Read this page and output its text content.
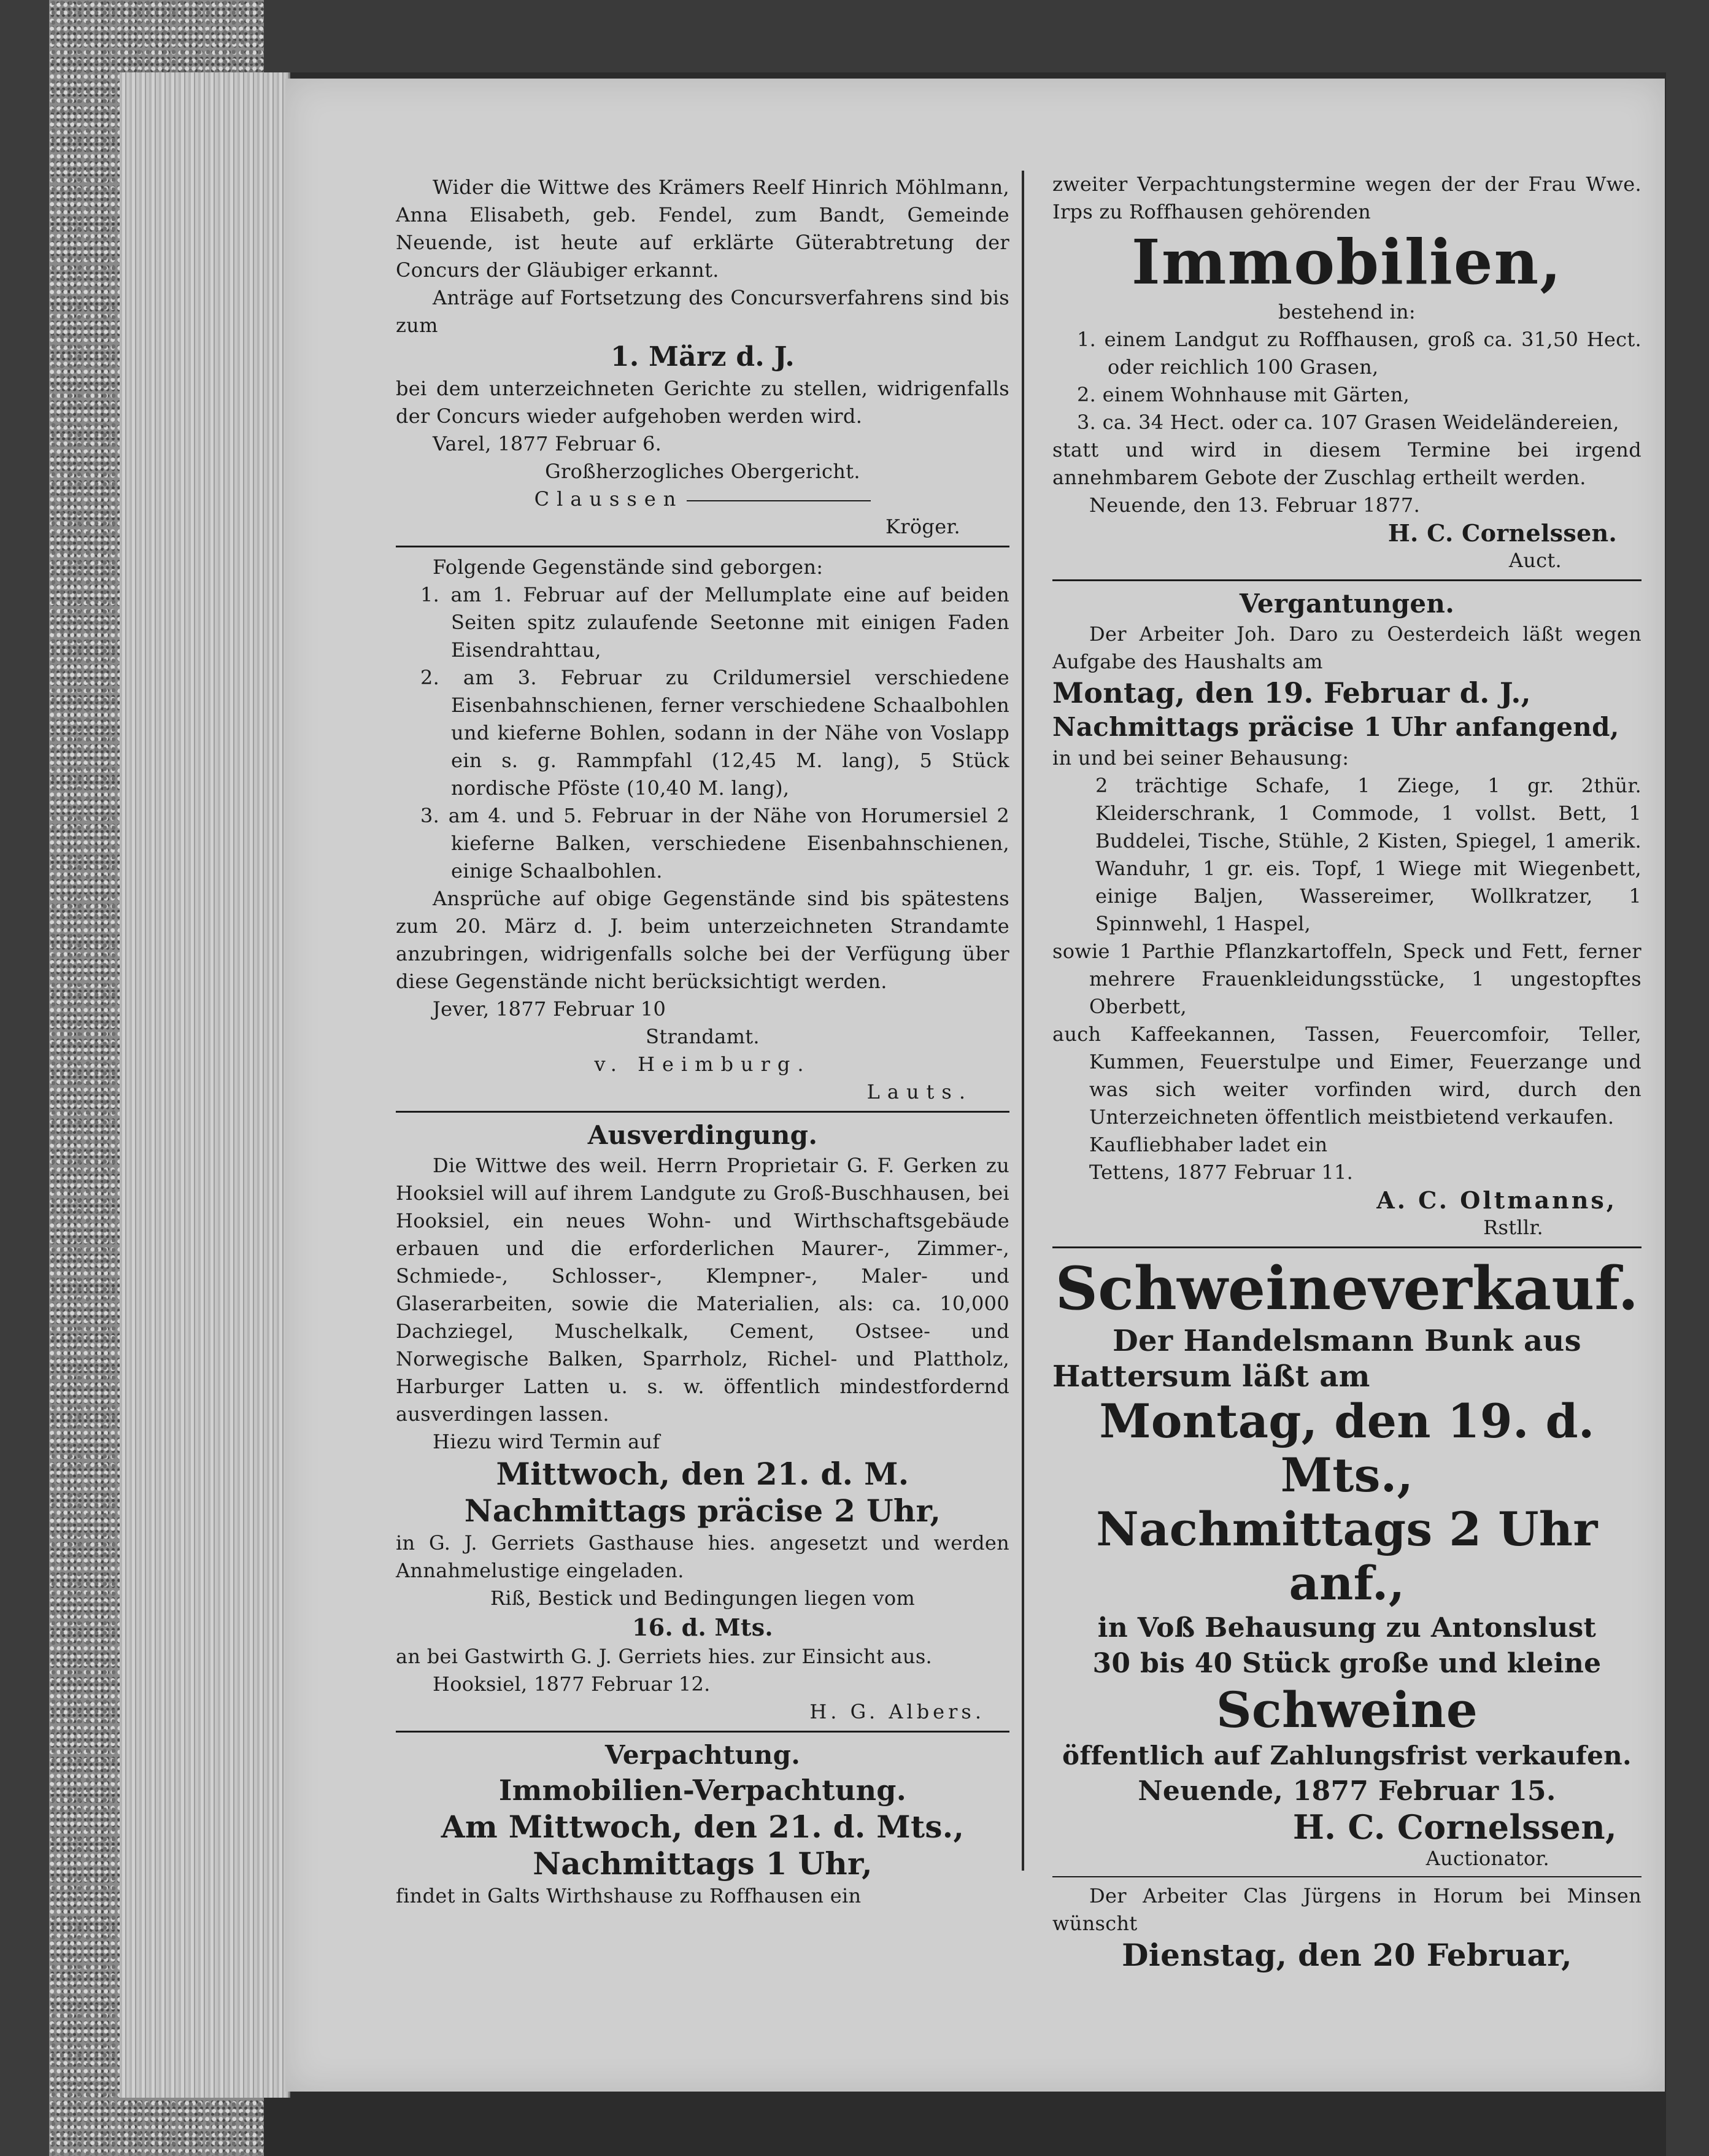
Wider die Wittwe des Krämers Reelf Hinrich Möhlmann, Anna Elisabeth, geb. Fendel, zum Bandt, Gemeinde Neuende, ist heute auf erklärte Güterabtretung der Concurs der Gläubiger erkannt.

Anträge auf Fortsetzung des Concursverfahrens sind bis zum

1. März d. J.

bei dem unterzeichneten Gerichte zu stellen, widrigenfalls der Concurs wieder aufgehoben werden wird.

Varel, 1877 Februar 6.

Großherzogliches Obergericht.

Claussen

Kröger.

Folgende Gegenstände sind geborgen:

1. am 1. Februar auf der Mellumplate eine auf beiden Seiten spitz zulaufende Seetonne mit einigen Faden Eisendrahttau,
2. am 3. Februar zu Crildumersiel verschiedene Eisenbahnschienen, ferner verschiedene Schaalbohlen und kieferne Bohlen, sodann in der Nähe von Voslapp ein s. g. Rammpfahl (12,45 M. lang), 5 Stück nordische Pföste (10,40 M. lang),
3. am 4. und 5. Februar in der Nähe von Horumersiel 2 kieferne Balken, verschiedene Eisenbahnschienen, einige Schaalbohlen.

Ansprüche auf obige Gegenstände sind bis spätestens zum 20. März d. J. beim unterzeichneten Strandamte anzubringen, widrigenfalls solche bei der Verfügung über diese Gegenstände nicht berücksichtigt werden.

Jever, 1877 Februar 10

Strandamt.

v. Heimburg.

Lauts.

Ausverdingung.

Die Wittwe des weil. Herrn Proprietair G. F. Gerken zu Hooksiel will auf ihrem Landgute zu Groß-Buschhausen, bei Hooksiel, ein neues Wohn- und Wirthschaftsgebäude erbauen und die erforderlichen Maurer-, Zimmer-, Schmiede-, Schlosser-, Klempner-, Maler- und Glaserarbeiten, sowie die Materialien, als: ca. 10,000 Dachziegel, Muschelkalk, Cement, Ostsee- und Norwegische Balken, Sparrholz, Richel- und Plattholz, Harburger Latten u. s. w. öffentlich mindestfordernd ausverdingen lassen.

Hiezu wird Termin auf

Mittwoch, den 21. d. M.
Nachmittags präcise 2 Uhr,

in G. J. Gerriets Gasthause hies. angesetzt und werden Annahmelustige eingeladen.

Riß, Bestick und Bedingungen liegen vom

16. d. Mts.

an bei Gastwirth G. J. Gerriets hies. zur Einsicht aus.

Hooksiel, 1877 Februar 12.

H. G. Albers.

Verpachtung.
Immobilien-Verpachtung.
Am Mittwoch, den 21. d. Mts.,
Nachmittags 1 Uhr,

findet in Galts Wirthshause zu Roffhausen ein

zweiter Verpachtungstermine wegen der der Frau Wwe. Irps zu Roffhausen gehörenden

Immobilien,

bestehend in:

1. einem Landgut zu Roffhausen, groß ca. 31,50 Hect. oder reichlich 100 Grasen,
2. einem Wohnhause mit Gärten,
3. ca. 34 Hect. oder ca. 107 Grasen Weideländereien,

statt und wird in diesem Termine bei irgend annehmbarem Gebote der Zuschlag ertheilt werden.

Neuende, den 13. Februar 1877.

H. C. Cornelssen.

Auct.

Vergantungen.

Der Arbeiter Joh. Daro zu Oesterdeich läßt wegen Aufgabe des Haushalts am

Montag, den 19. Februar d. J.,
Nachmittags präcise 1 Uhr anfangend,

in und bei seiner Behausung:

2 trächtige Schafe, 1 Ziege, 1 gr. 2thür. Kleiderschrank, 1 Commode, 1 vollst. Bett, 1 Buddelei, Tische, Stühle, 2 Kisten, Spiegel, 1 amerik. Wanduhr, 1 gr. eis. Topf, 1 Wiege mit Wiegenbett, einige Baljen, Wassereimer, Wollkratzer, 1 Spinnwehl, 1 Haspel,

sowie 1 Parthie Pflanzkartoffeln, Speck und Fett, ferner mehrere Frauenkleidungsstücke, 1 ungestopftes Oberbett,

auch Kaffeekannen, Tassen, Feuercomfoir, Teller, Kummen, Feuerstulpe und Eimer, Feuerzange und was sich weiter vorfinden wird, durch den Unterzeichneten öffentlich meistbietend verkaufen.

Kaufliebhaber ladet ein

Tettens, 1877 Februar 11.

A. C. Oltmanns,

Rstllr.

Schweineverkauf.
Der Handelsmann Bunk aus
Hattersum läßt am
Montag, den 19. d. Mts.,
Nachmittags 2 Uhr anf.,
in Voß Behausung zu Antonslust
30 bis 40 Stück große und kleine
Schweine
öffentlich auf Zahlungsfrist verkaufen.
Neuende, 1877 Februar 15.
H. C. Cornelssen,

Auctionator.

Der Arbeiter Clas Jürgens in Horum bei Minsen wünscht

Dienstag, den 20 Februar,
